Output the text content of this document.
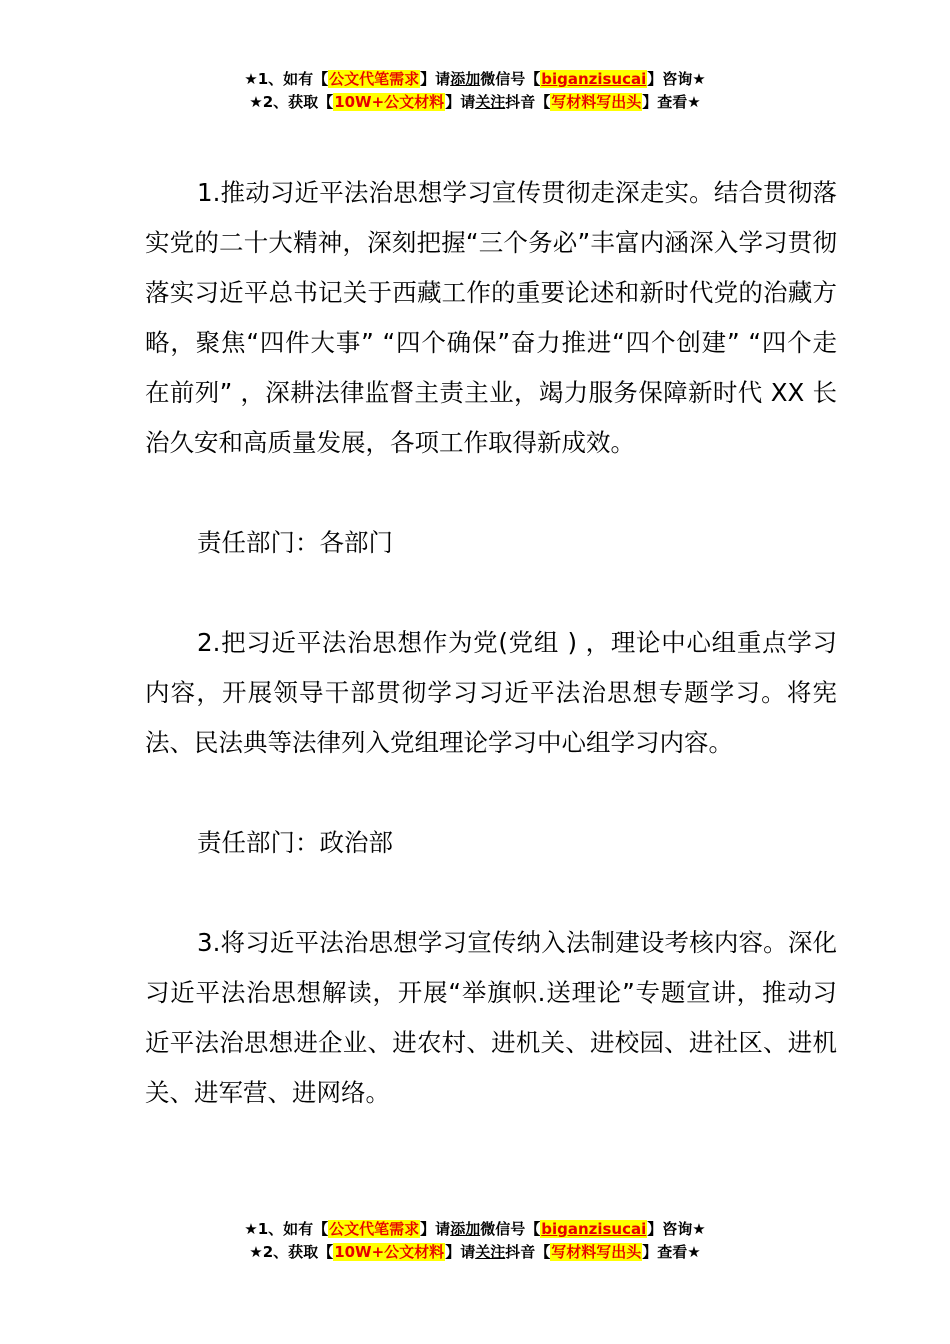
★1、如有【公文代笔需求】请添加微信号【biganzisucai】咨询★
★2、获取【10W+公文材料】请关注抖音【写材料写出头】查看★

1.推动习近平法治思想学习宣传贯彻走深走实。结合贯彻落实党的二十大精神，深刻把握“三个务必”丰富内涵深入学习贯彻落实习近平总书记关于西藏工作的重要论述和新时代党的治藏方略，聚焦“四件大事” “四个确保”奋力推进“四个创建” “四个走在前列” ，深耕法律监督主责主业，竭力服务保障新时代 XX 长治久安和高质量发展，各项工作取得新成效。

责任部门：各部门

2.把习近平法治思想作为党(党组 ) ，理论中心组重点学习内容，开展领导干部贯彻学习习近平法治思想专题学习。将宪法、民法典等法律列入党组理论学习中心组学习内容。

责任部门：政治部

3.将习近平法治思想学习宣传纳入法制建设考核内容。深化习近平法治思想解读，开展“举旗帜.送理论”专题宣讲，推动习近平法治思想进企业、进农村、进机关、进校园、进社区、进机关、进军营、进网络。

★1、如有【公文代笔需求】请添加微信号【biganzisucai】咨询★
★2、获取【10W+公文材料】请关注抖音【写材料写出头】查看★
